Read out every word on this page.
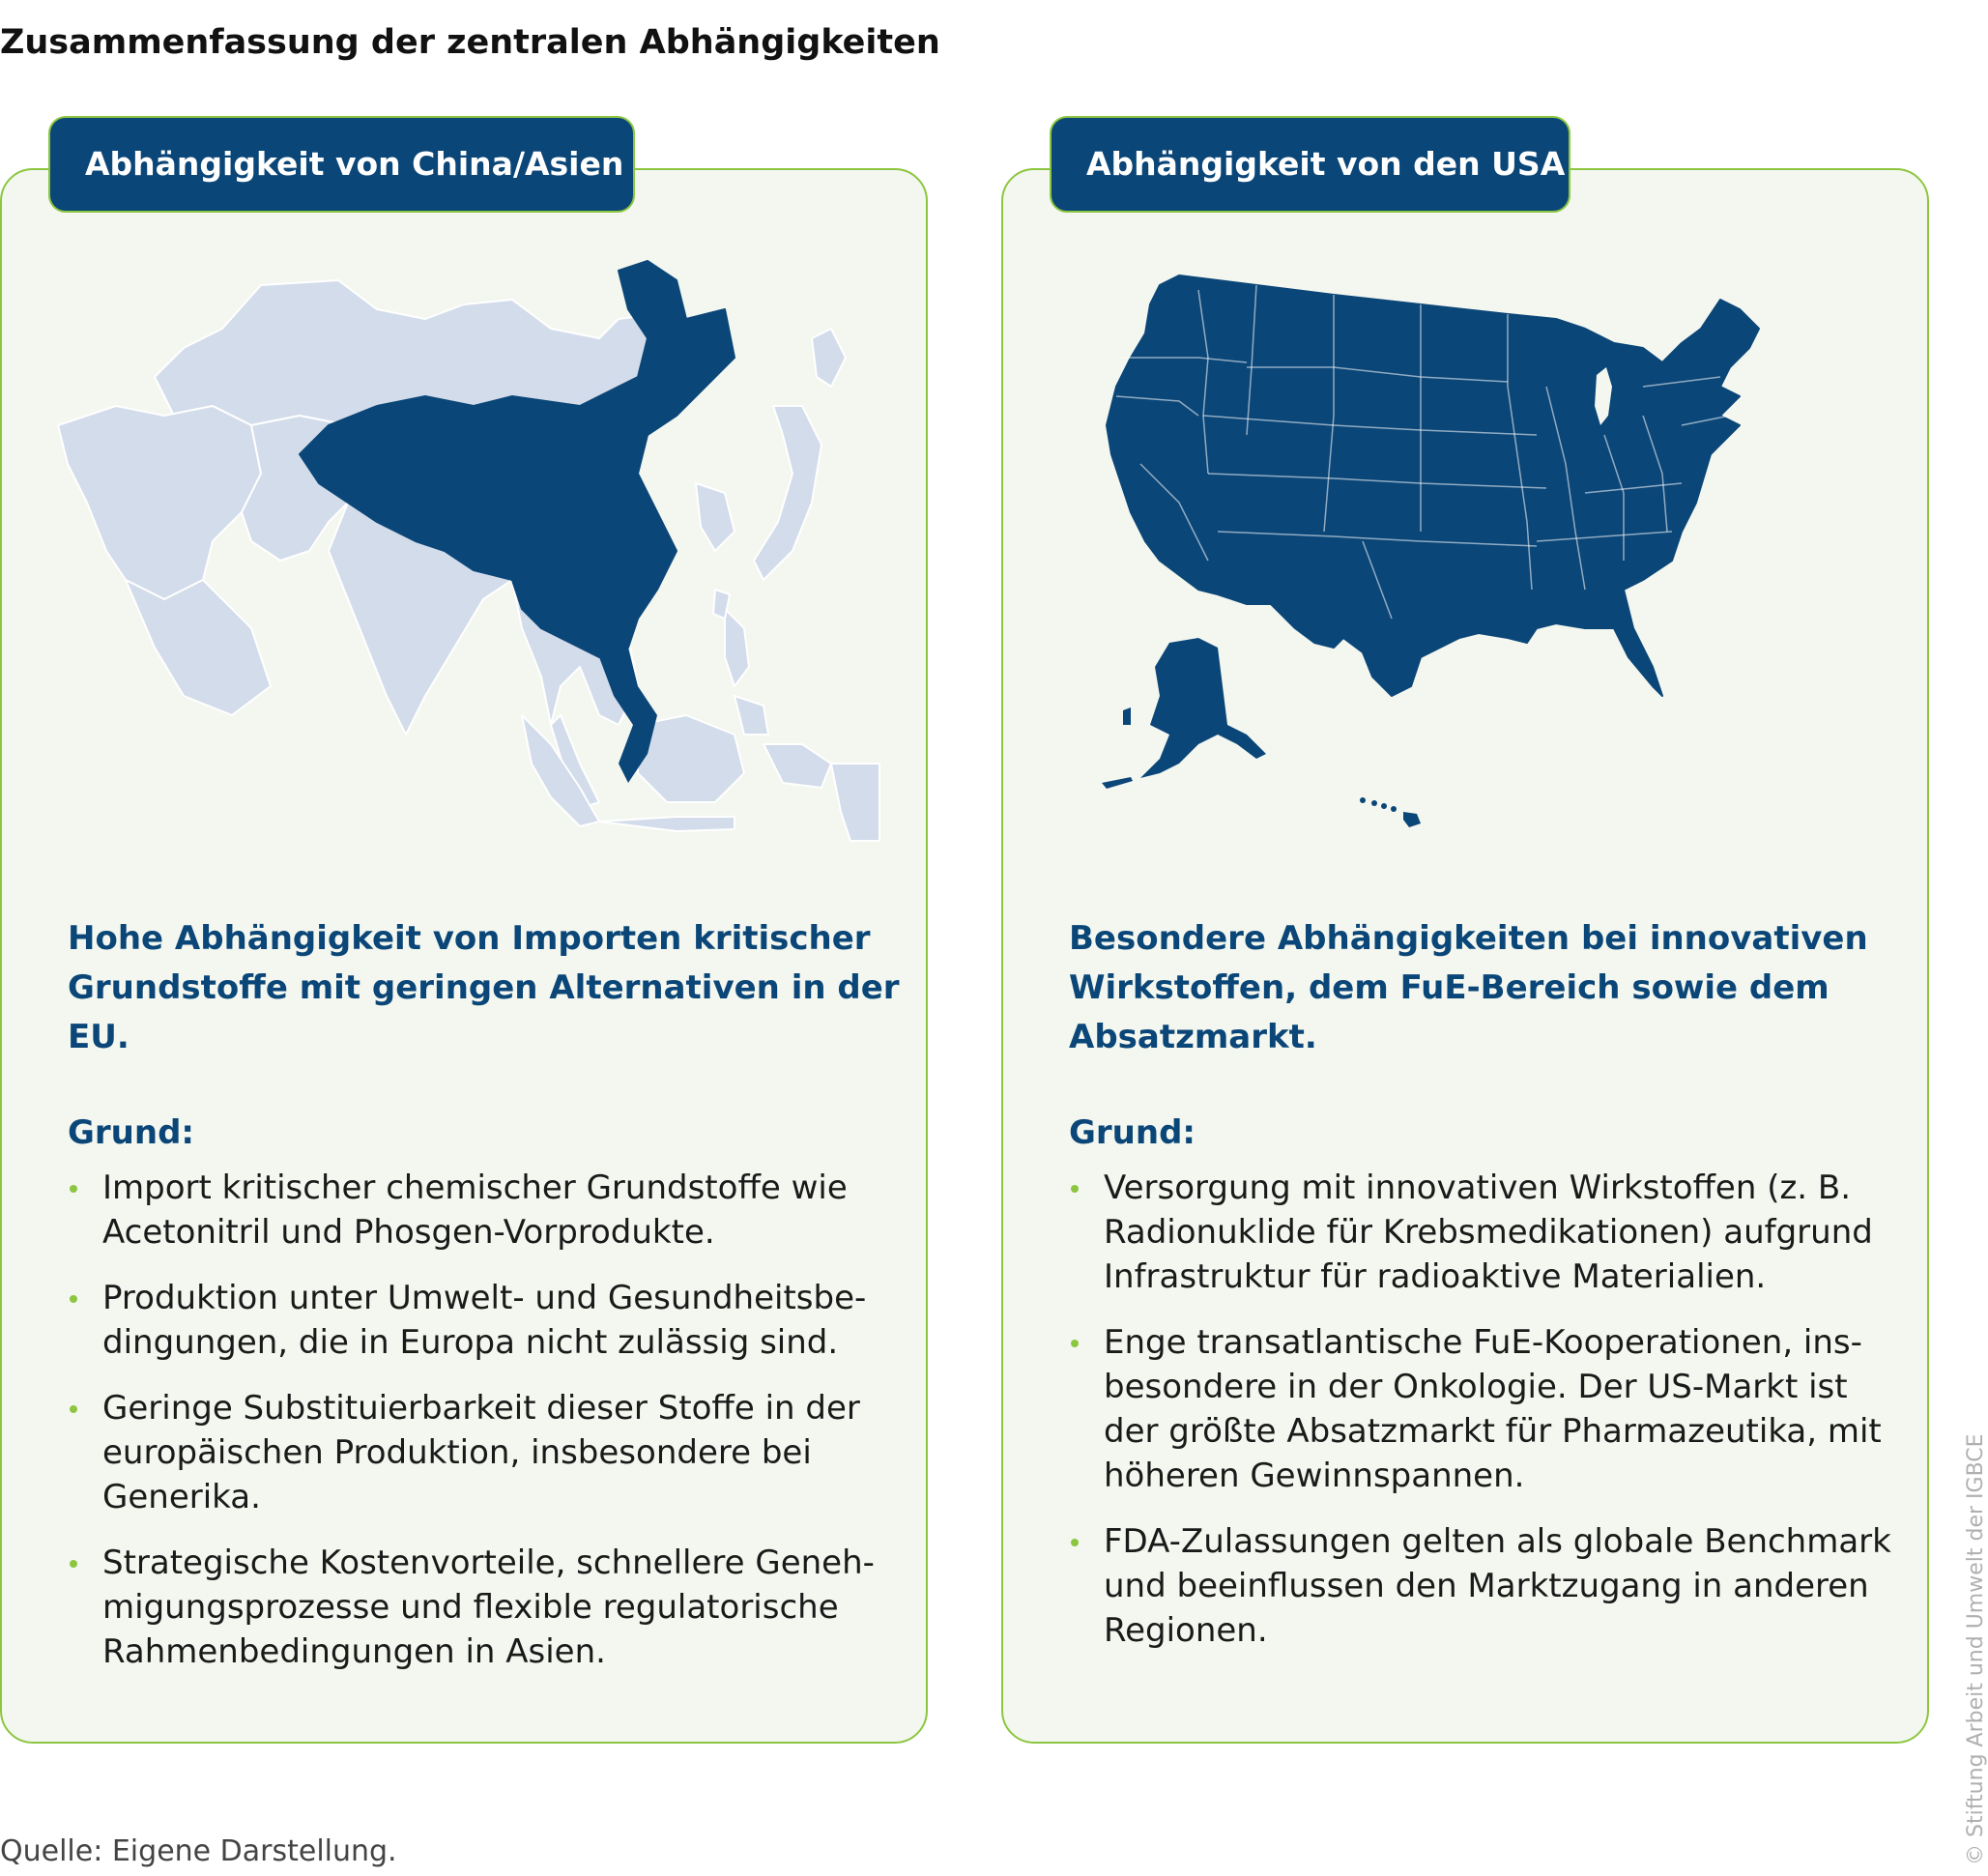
Zusammenfassung der zentralen Abhängigkeiten
Abhängigkeit von China/Asien
Hohe Abhängigkeit von Importen kritischer
Grundstoffe mit geringen Alternativen in der EU.
Grund:
Import kritischer chemischer Grundstoffe wie
Acetonitril und Phosgen-Vorprodukte.
Produktion unter Umwelt- und Gesundheitsbe-
dingungen, die in Europa nicht zulässig sind.
Geringe Substituierbarkeit dieser Stoffe in der
europäischen Produktion, insbesondere bei
Generika.
Strategische Kostenvorteile, schnellere Geneh-
migungsprozesse und flexible regulatorische
Rahmenbedingungen in Asien.
Abhängigkeit von den USA
Besondere Abhängigkeiten bei innovativen
Wirkstoffen, dem FuE-Bereich sowie dem
Absatzmarkt.
Grund:
Versorgung mit innovativen Wirkstoffen (z. B.
Radionuklide für Krebsmedikationen) aufgrund
Infrastruktur für radioaktive Materialien.
Enge transatlantische FuE-Kooperationen, ins-
besondere in der Onkologie. Der US-Markt ist
der größte Absatzmarkt für Pharmazeutika, mit
höheren Gewinnspannen.
FDA-Zulassungen gelten als globale Benchmark
und beeinflussen den Marktzugang in anderen
Regionen.
Quelle: Eigene Darstellung.	© Stiftung Arbeit und Umwelt der IGBCE
